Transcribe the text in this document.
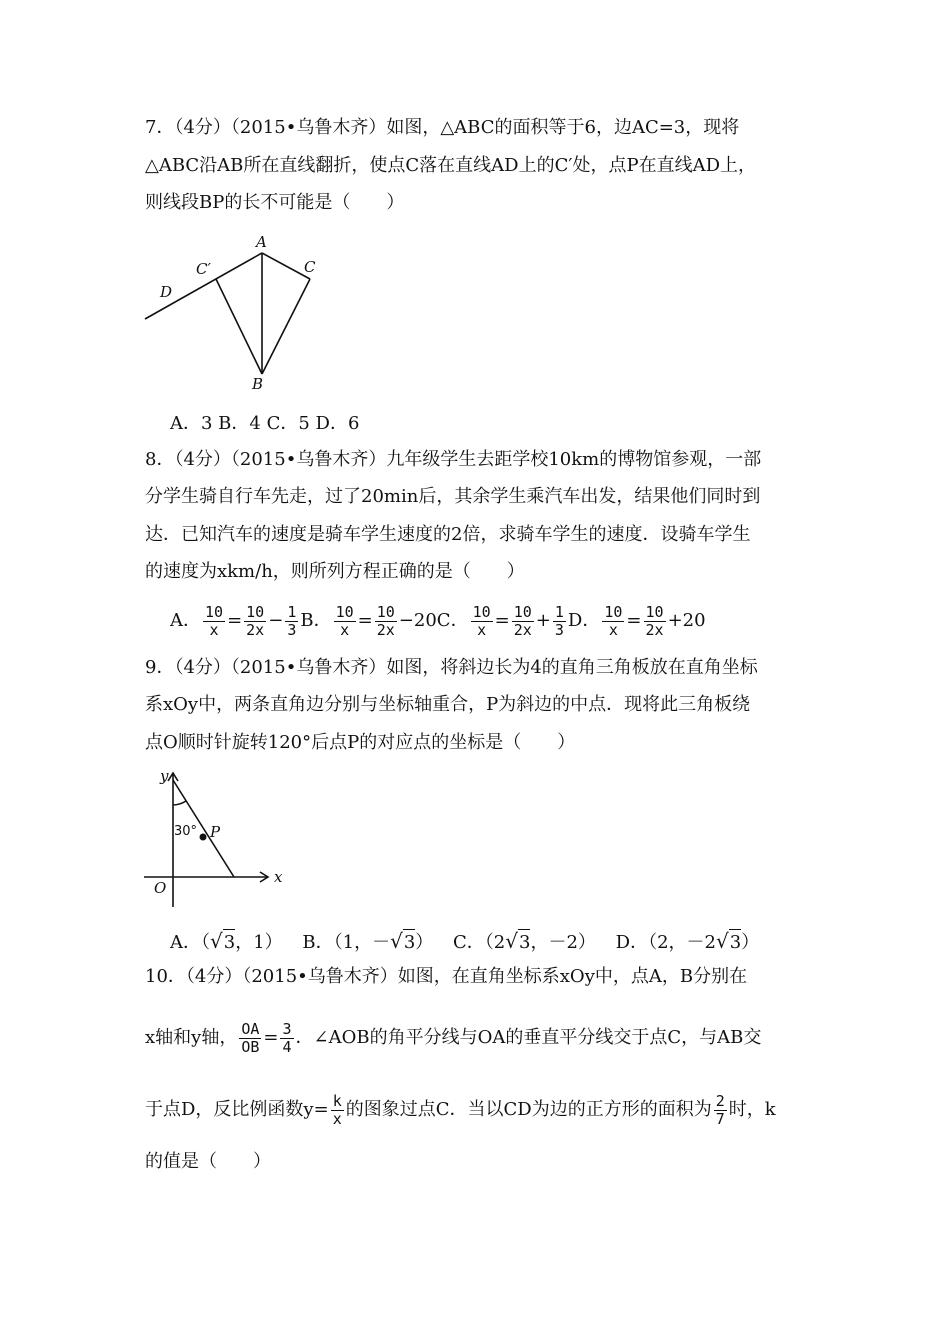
7．（4分）（2015•乌鲁木齐）如图，△ABC的面积等于6，边AC=3，现将
△ABC沿AB所在直线翻折，使点C落在直线AD上的C′处，点P在直线AD上，
则线段BP的长不可能是（　　）
A
C
C′
D
B
A．3 B．4 C．5 D．6
8．（4分）（2015•乌鲁木齐）九年级学生去距学校10km的博物馆参观，一部
分学生骑自行车先走，过了20min后，其余学生乘汽车出发，结果他们同时到
达．已知汽车的速度是骑车学生速度的2倍，求骑车学生的速度．设骑车学生
的速度为xkm/h，则所列方程正确的是（　　）
A． $\frac{10}{x} = \frac{10}{2x} - \frac{1}{3}$ B． $\frac{10}{x} = \frac{10}{2x} -20C$． $\frac{10}{x} = \frac{10}{2x} + \frac{1}{3}$ D． $\frac{10}{x} = \frac{10}{2x} +20$
9．（4分）（2015•乌鲁木齐）如图，将斜边长为4的直角三角板放在直角坐标
系xOy中，两条直角边分别与坐标轴重合，P为斜边的中点．现将此三角板绕
点O顺时针旋转120°后点P的对应点的坐标是（　　）
y
x
O
P
30°
A．（√3，1） B．（1，－√3） C．（2√3，－2） D．（2，－2√3）
10．（4分）（2015•乌鲁木齐）如图，在直角坐标系xOy中，点A，B分别在
x轴和y轴， $\frac{OA}{OB} = \frac{3}{4}$ ．∠AOB的角平分线与OA的垂直平分线交于点C，与AB交
于点D，反比例函数$y= \frac{k}{x}$ 的图象过点C．当以CD为边的正方形的面积为 $\frac{2}{7}$ 时，k
的值是（　　）
